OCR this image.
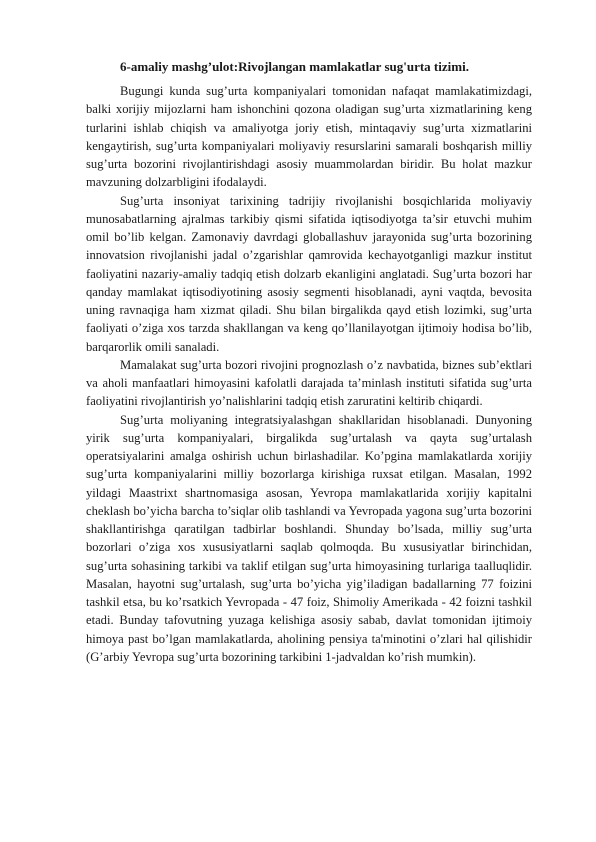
6-amaliy mashg’ulot:Rivojlangan mamlakatlar sug'urta tizimi.

Bugungi kunda sug’urta kompaniyalari tomonidan nafaqat mamlakatimizdagi, balki xorijiy mijozlarni ham ishonchini qozona oladigan sug’urta xizmatlarining keng turlarini ishlab chiqish va amaliyotga joriy etish, mintaqaviy sug’urta xizmatlarini kengaytirish, sug’urta kompaniyalari moliyaviy resurslarini samarali boshqarish milliy sug’urta bozorini rivojlantirishdagi asosiy muammolardan biridir. Bu holat mazkur mavzuning dolzarbligini ifodalaydi.

Sug’urta insoniyat tarixining tadrijiy rivojlanishi bosqichlarida moliyaviy munosabatlarning ajralmas tarkibiy qismi sifatida iqtisodiyotga ta’sir etuvchi muhim omil bo’lib kelgan. Zamonaviy davrdagi globallashuv jarayonida sug’urta bozorining innovatsion rivojlanishi jadal o’zgarishlar qamrovida kechayotganligi mazkur institut faoliyatini nazariy-amaliy tadqiq etish dolzarb ekanligini anglatadi. Sug’urta bozori har qanday mamlakat iqtisodiyotining asosiy segmenti hisoblanadi, ayni vaqtda, bevosita uning ravnaqiga ham xizmat qiladi. Shu bilan birgalikda qayd etish lozimki, sug’urta faoliyati o’ziga xos tarzda shakllangan va keng qo’llanilayotgan ijtimoiy hodisa bo’lib, barqarorlik omili sanaladi.

Mamalakat sug’urta bozori rivojini prognozlash o’z navbatida, biznes sub’ektlari va aholi manfaatlari himoyasini kafolatli darajada ta’minlash instituti sifatida sug’urta faoliyatini rivojlantirish yo’nalishlarini tadqiq etish zaruratini keltirib chiqardi.

Sug’urta moliyaning integratsiyalashgan shakllaridan hisoblanadi. Dunyoning yirik sug’urta kompaniyalari, birgalikda sug’urtalash va qayta sug’urtalash operatsiyalarini amalga oshirish uchun birlashadilar. Ko’pgina mamlakatlarda xorijiy sug’urta kompaniyalarini milliy bozorlarga kirishiga ruxsat etilgan. Masalan, 1992 yildagi Maastrixt shartnomasiga asosan, Yevropa mamlakatlarida xorijiy kapitalni cheklash bo’yicha barcha to’siqlar olib tashlandi va Yevropada yagona sug’urta bozorini shakllantirishga qaratilgan tadbirlar boshlandi. Shunday bo’lsada, milliy sug’urta bozorlari o’ziga xos xususiyatlarni saqlab qolmoqda. Bu xususiyatlar birinchidan, sug’urta sohasining tarkibi va taklif etilgan sug’urta himoyasining turlariga taalluqlidir. Masalan, hayotni sug’urtalash, sug’urta bo’yicha yig’iladigan badallarning 77 foizini tashkil etsa, bu ko’rsatkich Yevropada - 47 foiz, Shimoliy Amerikada - 42 foizni tashkil etadi. Bunday tafovutning yuzaga kelishiga asosiy sabab, davlat tomonidan ijtimoiy himoya past bo’lgan mamlakatlarda, aholining pensiya ta'minotini o’zlari hal qilishidir (G’arbiy Yevropa sug’urta bozorining tarkibini 1-jadvaldan ko’rish mumkin).
